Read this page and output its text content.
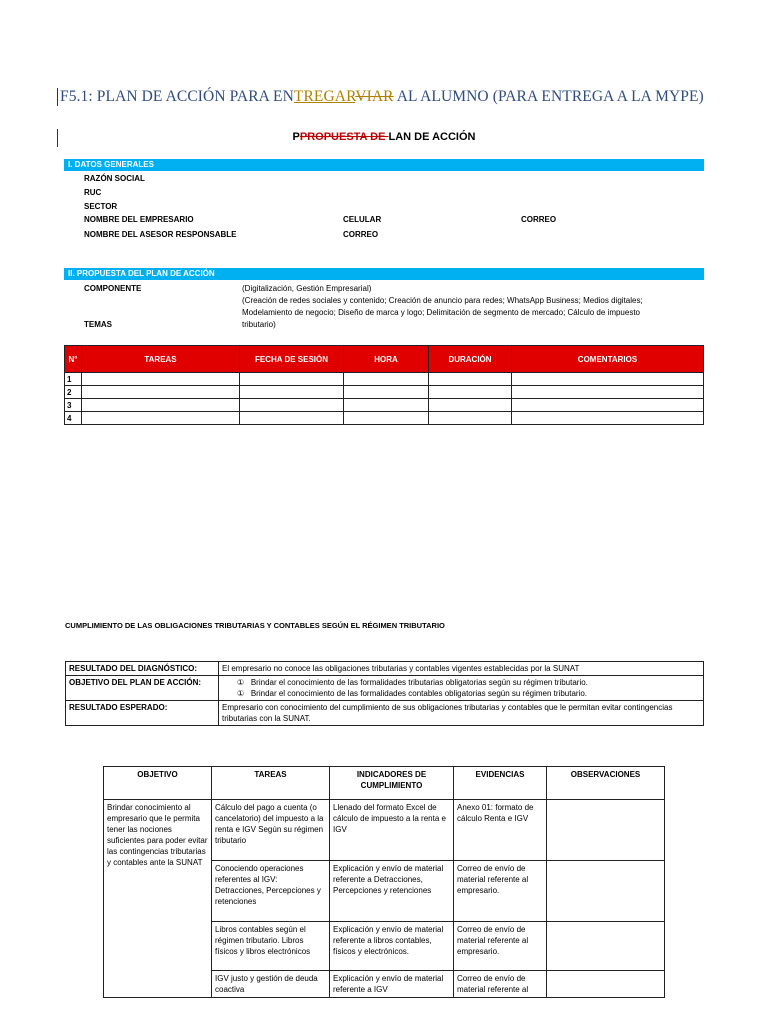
F5.1: PLAN DE ACCIÓN PARA ENTREGARVIAR AL ALUMNO (PARA ENTREGA A LA MYPE)
PPROPUESTA DE LAN DE ACCIÓN
I. DATOS GENERALES
RAZÓN SOCIAL
RUC
SECTOR
NOMBRE DEL EMPRESARIO	CELULAR	CORREO
NOMBRE DEL ASESOR RESPONSABLE	CORREO
II. PROPUESTA DEL PLAN DE ACCIÓN
COMPONENTE	(Digitalización, Gestión Empresarial)
(Creación de redes sociales y contenido; Creación de anuncio para redes; WhatsApp Business; Medios digitales;
Modelamiento de negocio; Diseño de marca y logo; Delimitación de segmento de mercado; Cálculo de impuesto
TEMAS	tributario)
N°	TAREAS	FECHA DE SESIÓN	HORA	DURACIÓN	COMENTARIOS
1					
2					
3					
4					
CUMPLIMIENTO DE LAS OBLIGACIONES TRIBUTARIAS Y CONTABLES SEGÚN EL RÉGIMEN TRIBUTARIO
RESULTADO DEL DIAGNÓSTICO:	El empresario no conoce las obligaciones tributarias y contables vigentes establecidas por la SUNAT
OBJETIVO DEL PLAN DE ACCIÓN:	① Brindar el conocimiento de las formalidades tributarias obligatorias según su régimen tributario.
① Brindar el conocimiento de las formalidades contables obligatorias según su régimen tributario.

RESULTADO ESPERADO:	Empresario con conocimiento del cumplimiento de sus obligaciones tributarias y contables que le permitan evitar contingencias tributarias con la SUNAT.
OBJETIVO	TAREAS	INDICADORES DE CUMPLIMIENTO	EVIDENCIAS	OBSERVACIONES
Brindar conocimiento al empresario que le permita tener las nociones suficientes para poder evitar las contingencias tributarias y contables ante la SUNAT	Cálculo del pago a cuenta (o cancelatorio) del impuesto a la renta e IGV Según su régimen tributario	Llenado del formato Excel de cálculo de impuesto a la renta e IGV	Anexo 01: formato de cálculo Renta e IGV	
	Conociendo operaciones referentes al IGV: Detracciones, Percepciones y retenciones	Explicación y envío de material referente a Detracciones, Percepciones y retenciones	Correo de envío de material referente al empresario.	
	Libros contables según el régimen tributario. Libros físicos y libros electrónicos	Explicación y envío de material referente a libros contables, físicos y electrónicos.	Correo de envío de material referente al empresario.	
	IGV justo y gestión de deuda coactiva	Explicación y envío de material referente a IGV	Correo de envío de material referente al	
